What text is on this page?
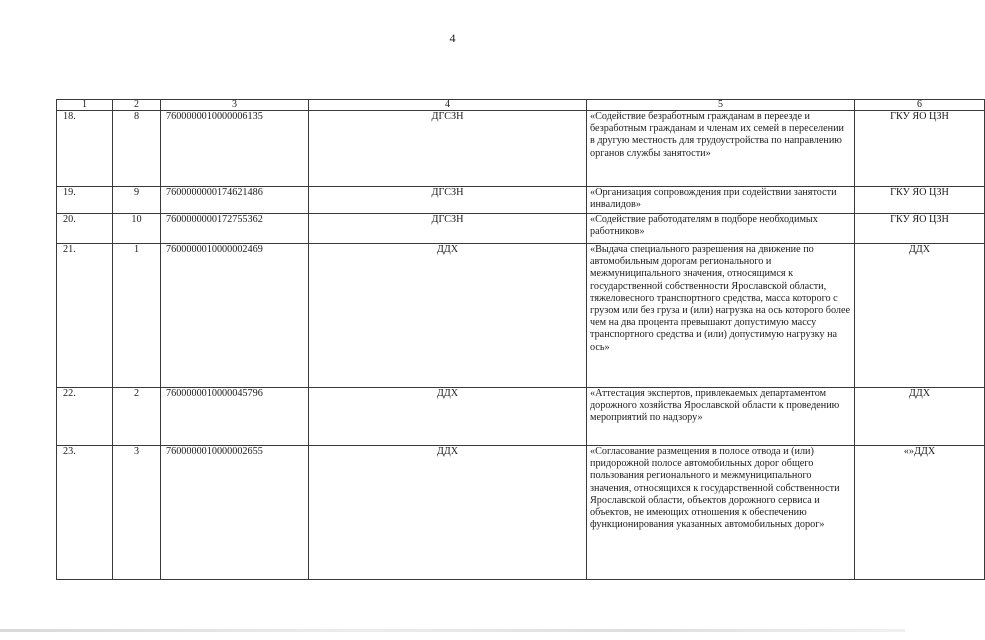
4
1	2	3	4	5	6
18.	8	7600000010000006135	ДГСЗН	«Содействие безработным гражданам в переезде и безработным гражданам и членам их семей в переселении в другую местность для трудоустройства по направлению органов службы занятости»	ГКУ ЯО ЦЗН
19.	9	7600000000174621486	ДГСЗН	«Организация сопровождения при содействии занятости инвалидов»	ГКУ ЯО ЦЗН
20.	10	7600000000172755362	ДГСЗН	«Содействие работодателям в подборе необходимых работников»	ГКУ ЯО ЦЗН
21.	1	7600000010000002469	ДДХ	«Выдача специального разрешения на движение по автомобильным дорогам регионального и межмуниципального значения, относящимся к государственной собственности Ярославской области, тяжеловесного транспортного средства, масса которого с грузом или без груза и (или) нагрузка на ось которого более чем на два процента превышают допустимую массу транспортного средства и (или) допустимую нагрузку на ось»	ДДХ
22.	2	7600000010000045796	ДДХ	«Аттестация экспертов, привлекаемых департаментом дорожного хозяйства Ярославской области к проведению мероприятий по надзору»	ДДХ
23.	3	7600000010000002655	ДДХ	«Согласование размещения в полосе отвода и (или) придорожной полосе автомобильных дорог общего пользования регионального и межмуниципального значения, относящихся к государственной собственности Ярославской области, объектов дорожного сервиса и объектов, не имеющих отношения к обеспечению функционирования указанных автомобильных дорог»	«»ДДХ
